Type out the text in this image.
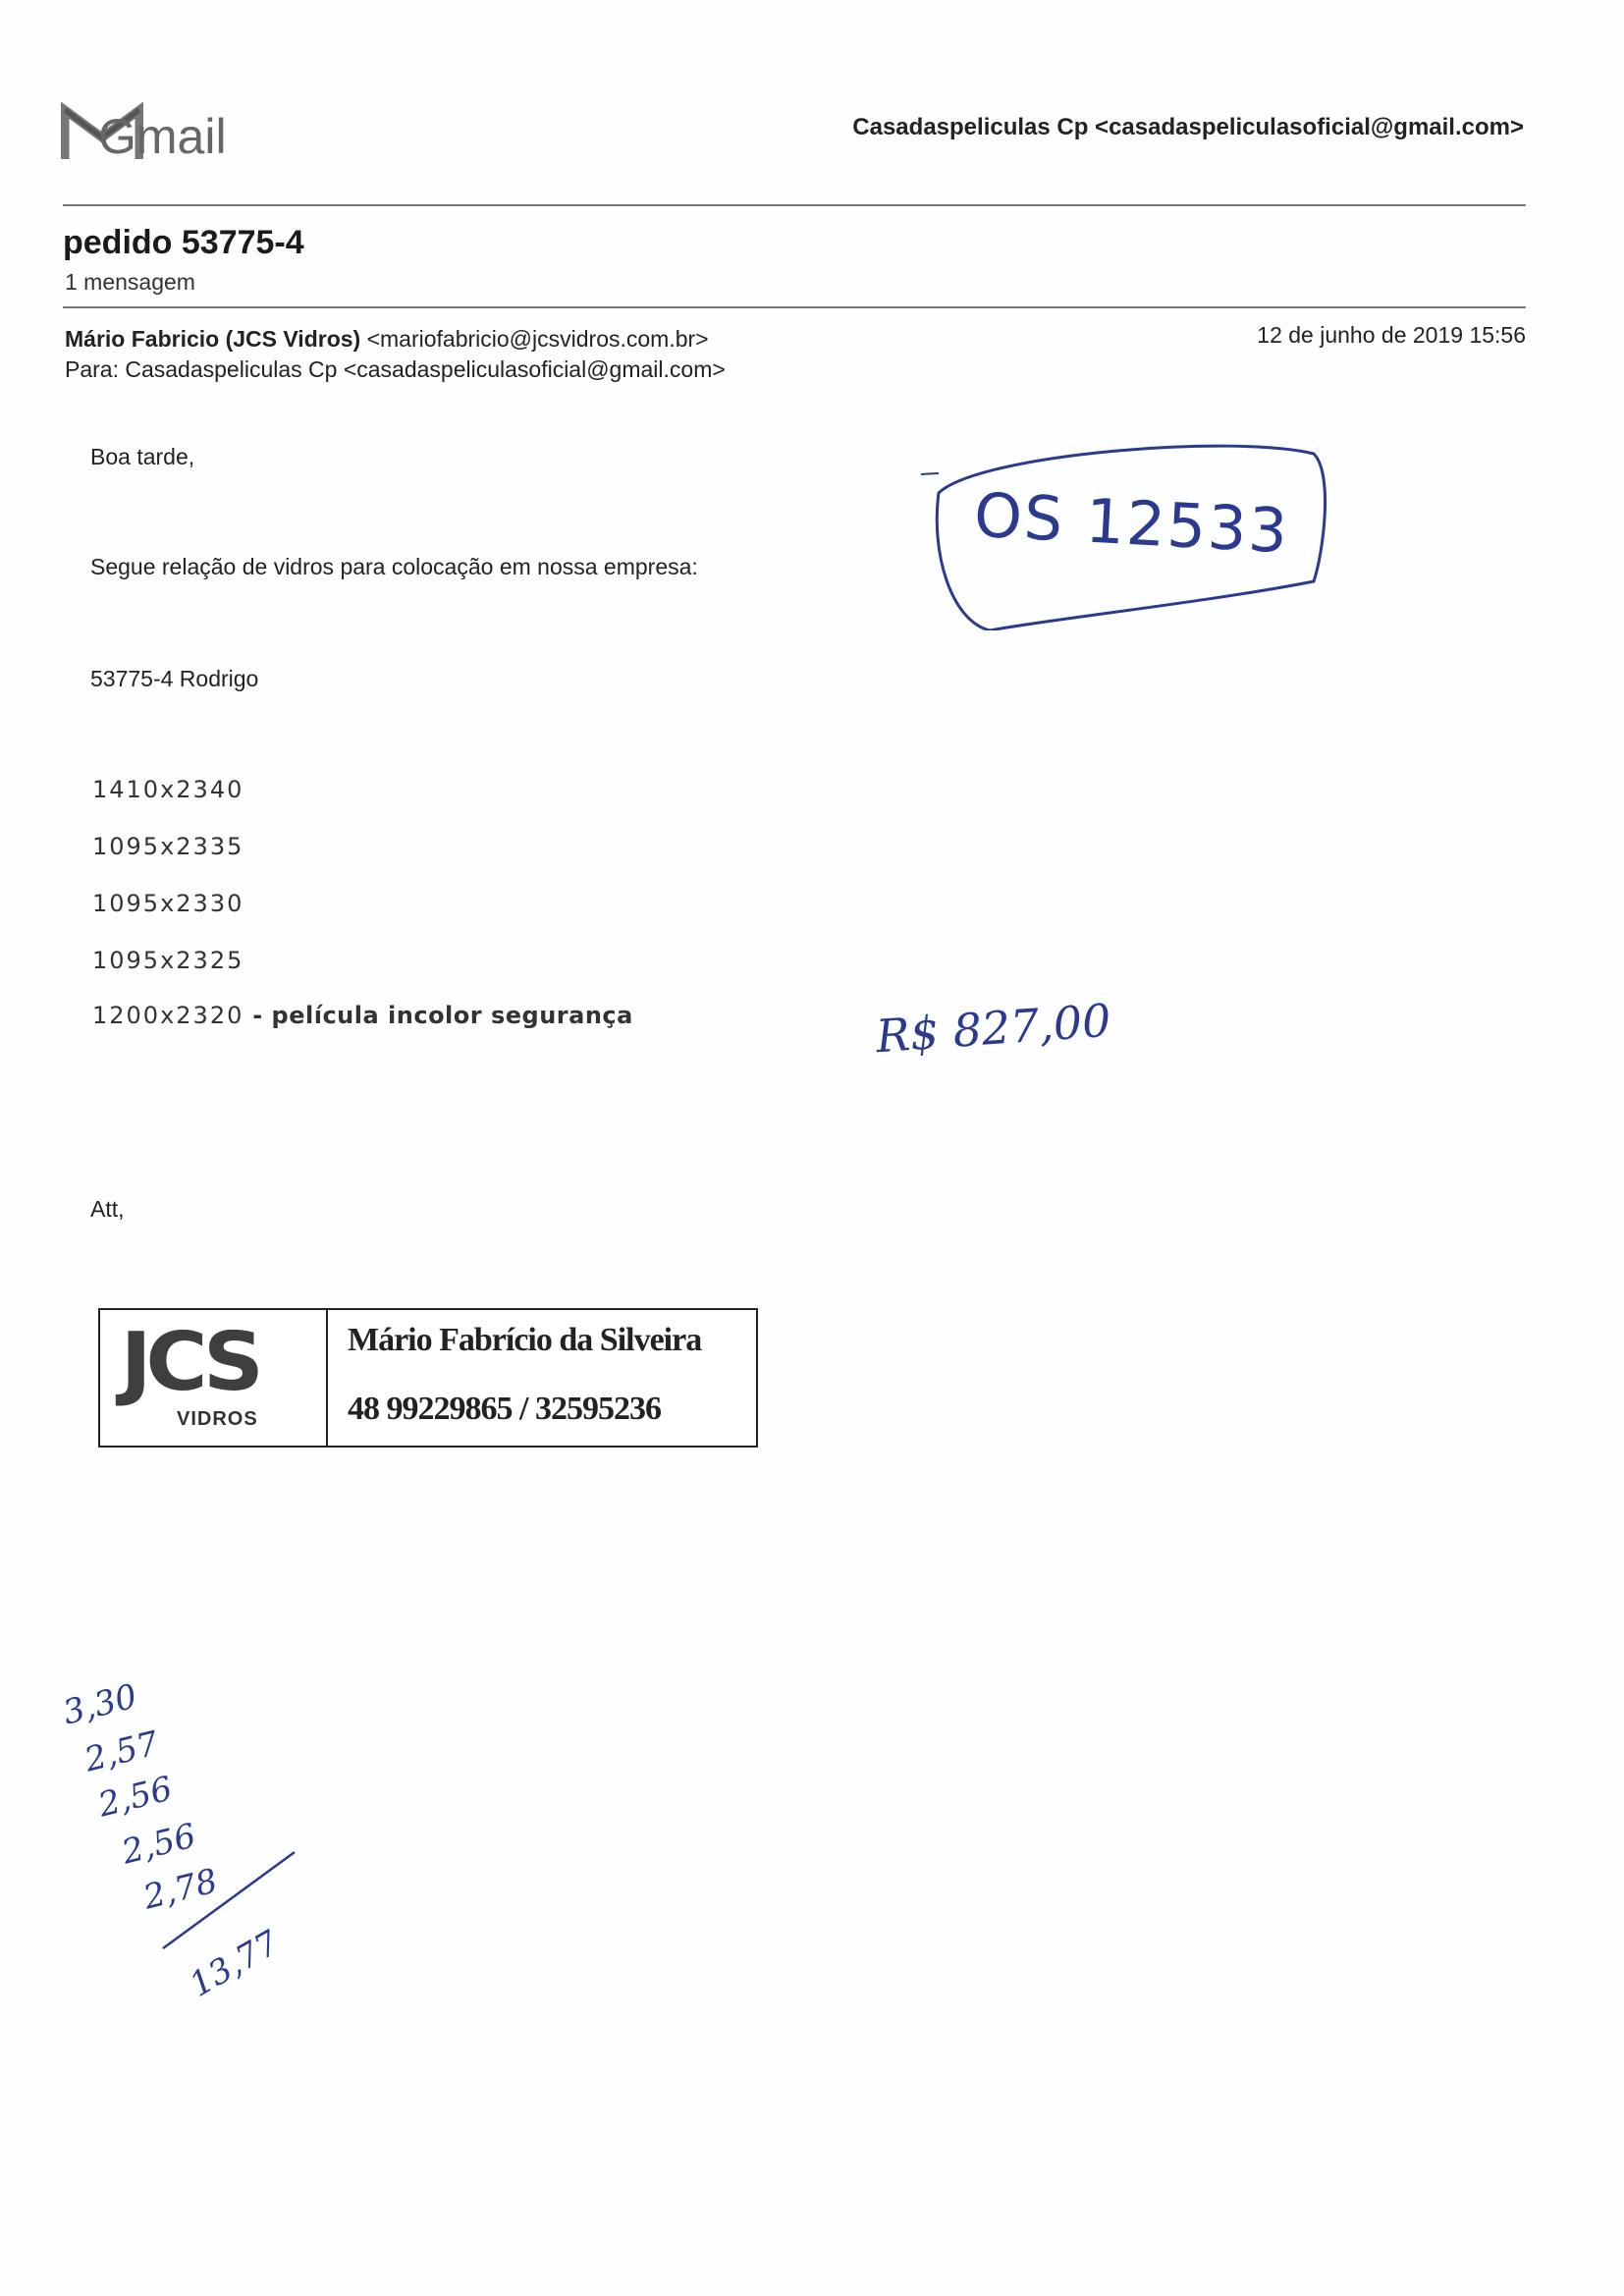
Gmail	Casadaspeliculas Cp <casadaspeliculasoficial@gmail.com>
pedido 53775-4
1 mensagem
Mário Fabricio (JCS Vidros) <mariofabricio@jcsvidros.com.br>
Para: Casadaspeliculas Cp <casadaspeliculasoficial@gmail.com>
12 de junho de 2019 15:56
Boa tarde,
Segue relação de vidros para colocação em nossa empresa:
53775-4 Rodrigo
1410x2340
1095x2335
1095x2330
1095x2325
1200x2320 - película incolor segurança
Att,
JCS
VIDROS
Mário Fabrício da Silveira
48 99229865 / 32595236
OS 12533
R$ 827,00
3,30
2,57
2,56
2,56
2,78
13,77
